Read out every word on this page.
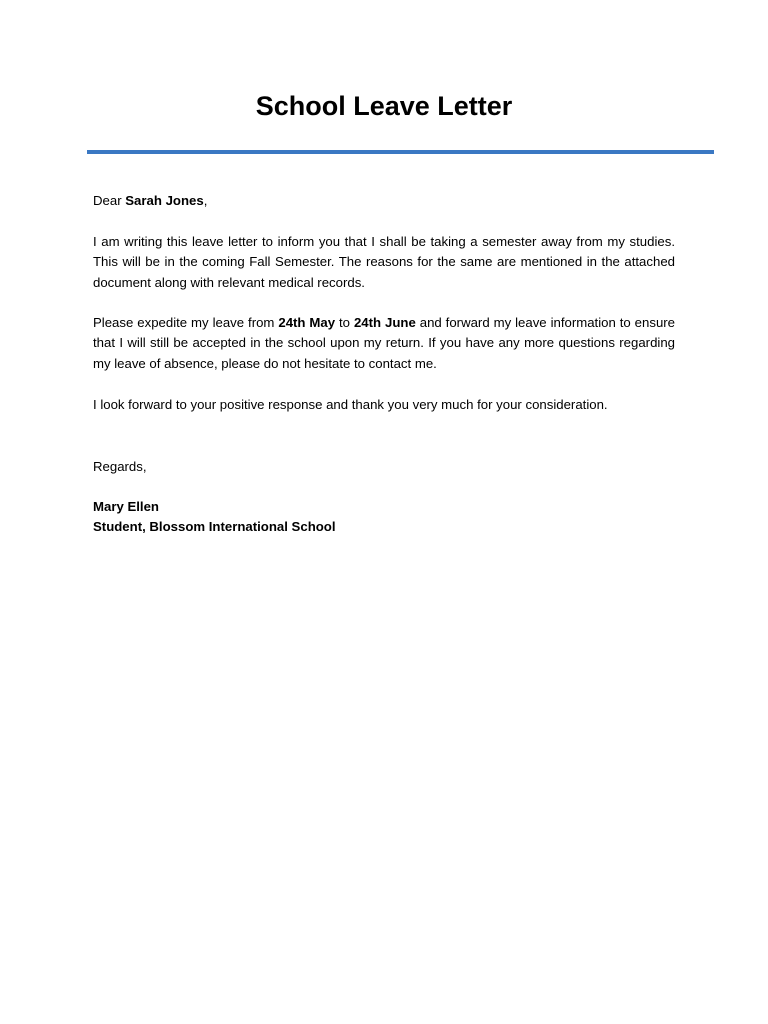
School Leave Letter

Dear Sarah Jones,

I am writing this leave letter to inform you that I shall be taking a semester away from my studies. This will be in the coming Fall Semester. The reasons for the same are mentioned in the attached document along with relevant medical records.

Please expedite my leave from 24th May to 24th June and forward my leave information to ensure that I will still be accepted in the school upon my return. If you have any more questions regarding my leave of absence, please do not hesitate to contact me.

I look forward to your positive response and thank you very much for your consideration.

Regards,

Mary Ellen

Student, Blossom International School
